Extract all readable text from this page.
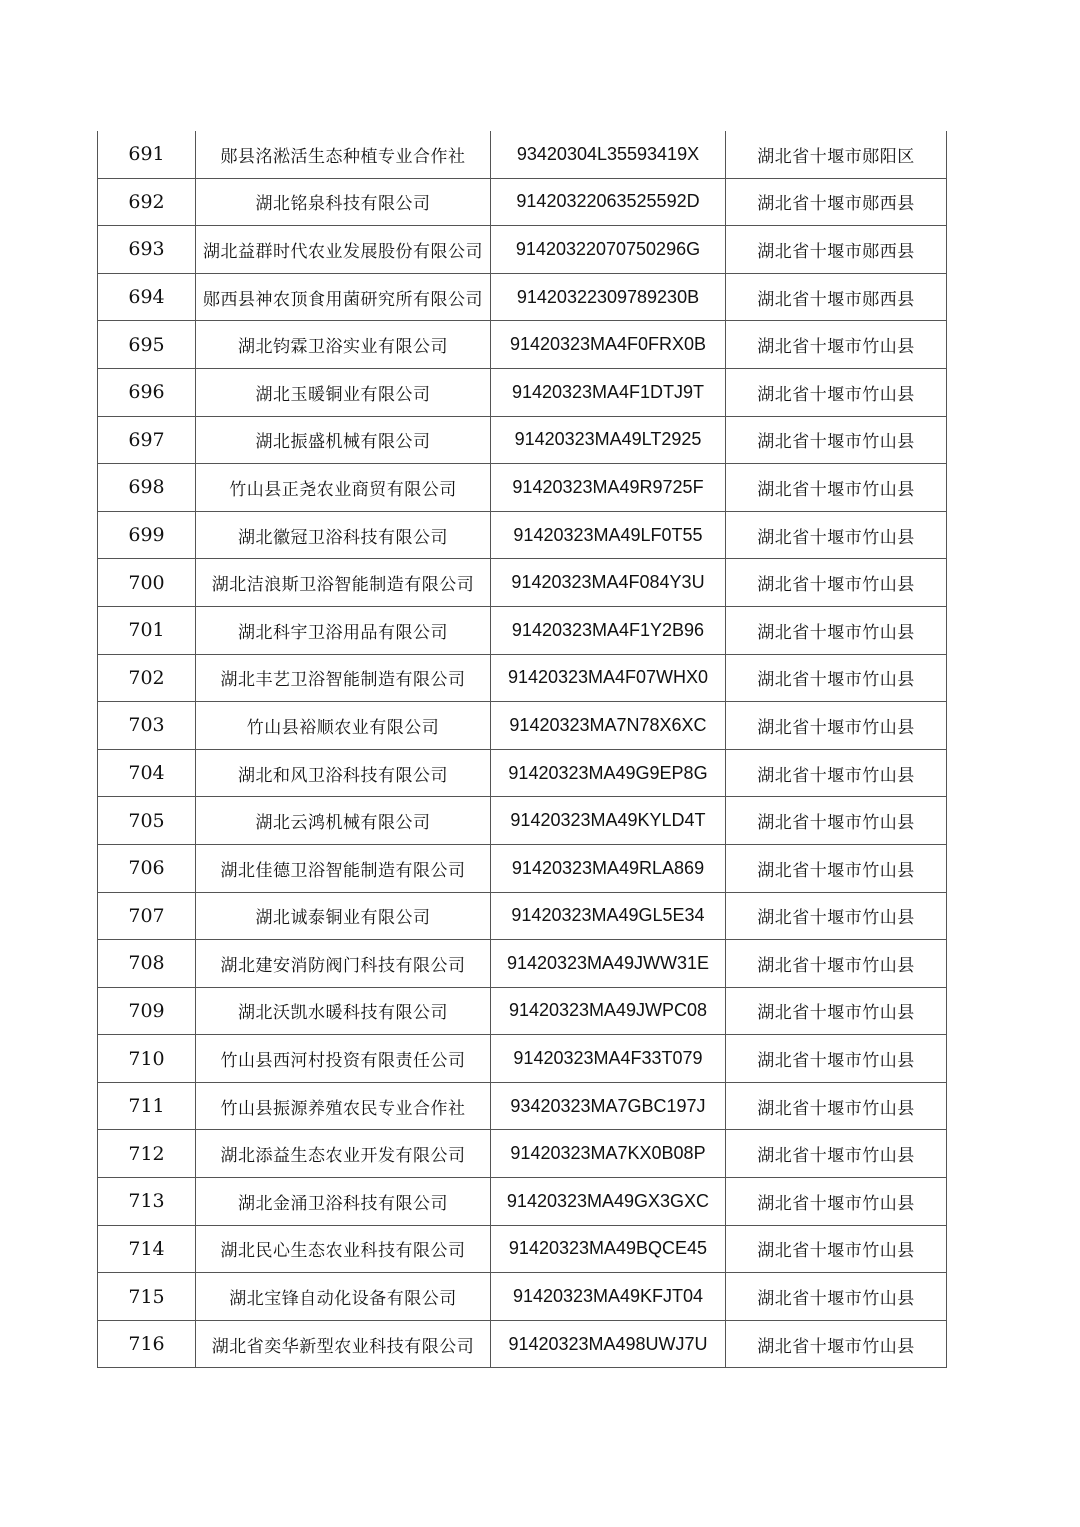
691	郧县洺淞活生态种植专业合作社	93420304L35593419X	湖北省十堰市郧阳区
692	湖北铭泉科技有限公司	91420322063525592D	湖北省十堰市郧西县
693	湖北益群时代农业发展股份有限公司	91420322070750296G	湖北省十堰市郧西县
694	郧西县神农顶食用菌研究所有限公司	91420322309789230B	湖北省十堰市郧西县
695	湖北钧霖卫浴实业有限公司	91420323MA4F0FRX0B	湖北省十堰市竹山县
696	湖北玉暖铜业有限公司	91420323MA4F1DTJ9T	湖北省十堰市竹山县
697	湖北振盛机械有限公司	91420323MA49LT2925	湖北省十堰市竹山县
698	竹山县正尧农业商贸有限公司	91420323MA49R9725F	湖北省十堰市竹山县
699	湖北徽冠卫浴科技有限公司	91420323MA49LF0T55	湖北省十堰市竹山县
700	湖北洁浪斯卫浴智能制造有限公司	91420323MA4F084Y3U	湖北省十堰市竹山县
701	湖北科宇卫浴用品有限公司	91420323MA4F1Y2B96	湖北省十堰市竹山县
702	湖北丰艺卫浴智能制造有限公司	91420323MA4F07WHX0	湖北省十堰市竹山县
703	竹山县裕顺农业有限公司	91420323MA7N78X6XC	湖北省十堰市竹山县
704	湖北和风卫浴科技有限公司	91420323MA49G9EP8G	湖北省十堰市竹山县
705	湖北云鸿机械有限公司	91420323MA49KYLD4T	湖北省十堰市竹山县
706	湖北佳德卫浴智能制造有限公司	91420323MA49RLA869	湖北省十堰市竹山县
707	湖北诚泰铜业有限公司	91420323MA49GL5E34	湖北省十堰市竹山县
708	湖北建安消防阀门科技有限公司	91420323MA49JWW31E	湖北省十堰市竹山县
709	湖北沃凯水暖科技有限公司	91420323MA49JWPC08	湖北省十堰市竹山县
710	竹山县西河村投资有限责任公司	91420323MA4F33T079	湖北省十堰市竹山县
711	竹山县振源养殖农民专业合作社	93420323MA7GBC197J	湖北省十堰市竹山县
712	湖北添益生态农业开发有限公司	91420323MA7KX0B08P	湖北省十堰市竹山县
713	湖北金涌卫浴科技有限公司	91420323MA49GX3GXC	湖北省十堰市竹山县
714	湖北民心生态农业科技有限公司	91420323MA49BQCE45	湖北省十堰市竹山县
715	湖北宝锋自动化设备有限公司	91420323MA49KFJT04	湖北省十堰市竹山县
716	湖北省奕华新型农业科技有限公司	91420323MA498UWJ7U	湖北省十堰市竹山县
